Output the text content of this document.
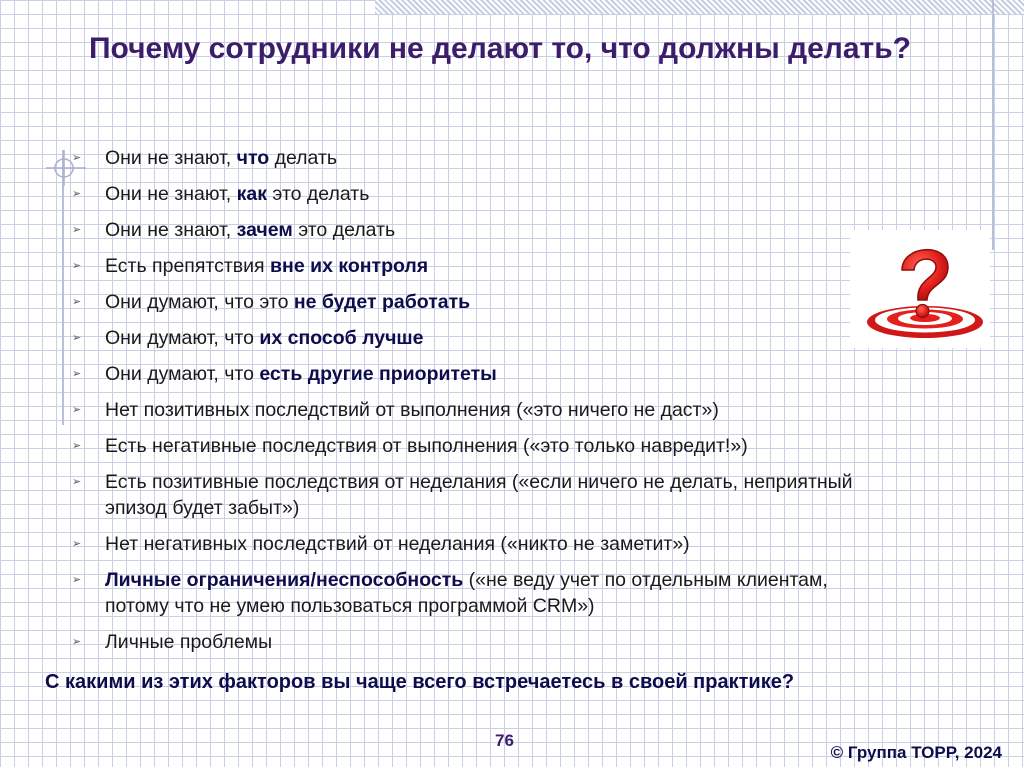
Почему сотрудники не делают то, что должны делать?
➢ Они не знают, что делать
➢ Они не знают, как это делать
➢ Они не знают, зачем это делать
➢ Есть препятствия вне их контроля
➢ Они думают, что это не будет работать
➢ Они думают, что их способ лучше
➢ Они думают, что есть другие приоритеты
➢ Нет позитивных последствий от выполнения («это ничего не даст»)
➢ Есть негативные последствия от выполнения («это только навредит!»)
➢ Есть позитивные последствия от неделания («если ничего не делать, неприятный эпизод будет забыт»)
➢ Нет негативных последствий от неделания («никто не заметит»)
➢ Личные ограничения/неспособность («не веду учет по отдельным клиентам, потому что не умею пользоваться программой CRM»)
➢ Личные проблемы

С какими из этих факторов вы чаще всего встречаетесь в своей практике?

76
© Группа ТОРР, 2024
